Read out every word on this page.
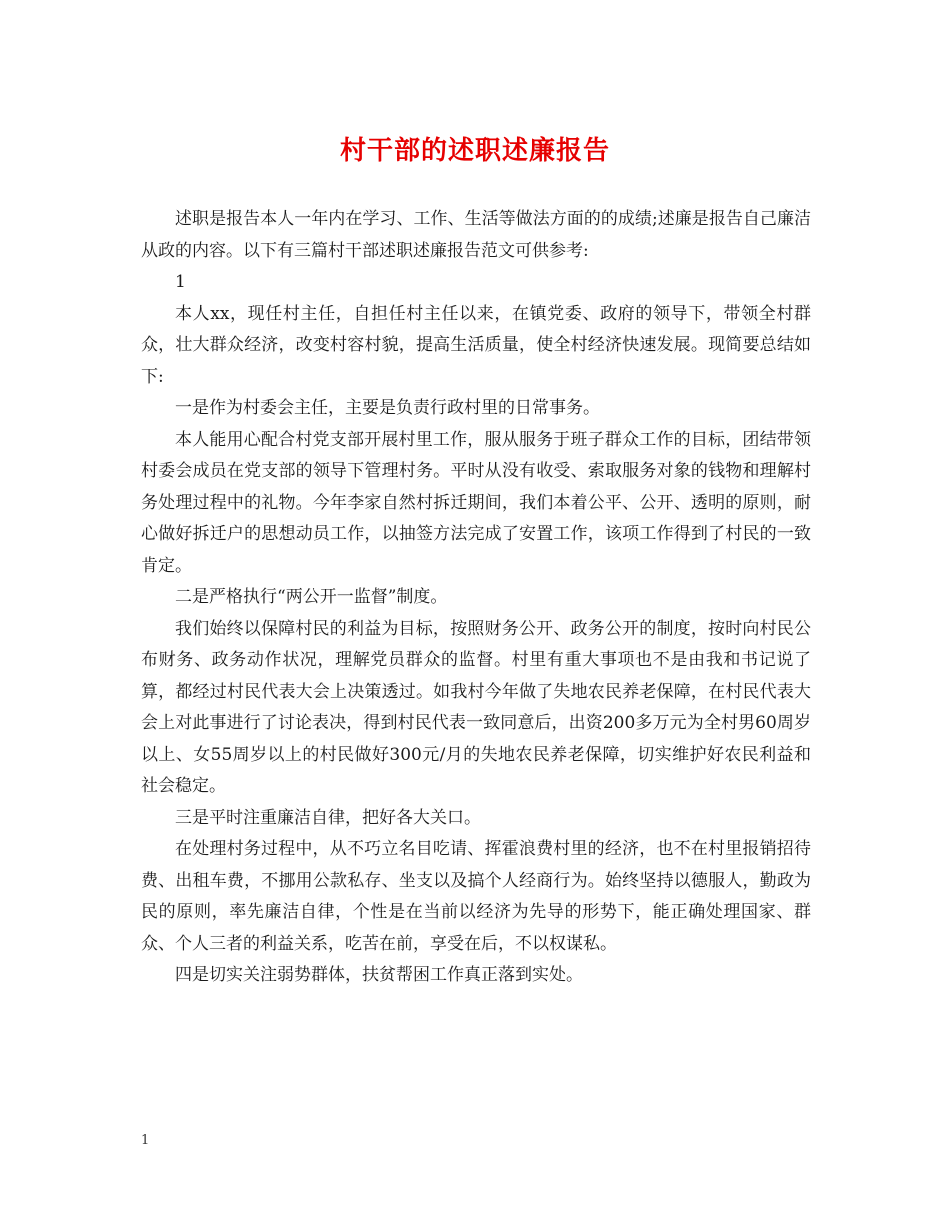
村干部的述职述廉报告

述职是报告本人一年内在学习、工作、生活等做法方面的的成绩;述廉是报告自己廉洁从政的内容。以下有三篇村干部述职述廉报告范文可供参考:

1

本人xx，现任村主任，自担任村主任以来，在镇党委、政府的领导下，带领全村群众，壮大群众经济，改变村容村貌，提高生活质量，使全村经济快速发展。现简要总结如下:

一是作为村委会主任，主要是负责行政村里的日常事务。

本人能用心配合村党支部开展村里工作，服从服务于班子群众工作的目标，团结带领村委会成员在党支部的领导下管理村务。平时从没有收受、索取服务对象的钱物和理解村务处理过程中的礼物。今年李家自然村拆迁期间，我们本着公平、公开、透明的原则，耐心做好拆迁户的思想动员工作，以抽签方法完成了安置工作，该项工作得到了村民的一致肯定。

二是严格执行“两公开一监督”制度。

我们始终以保障村民的利益为目标，按照财务公开、政务公开的制度，按时向村民公布财务、政务动作状况，理解党员群众的监督。村里有重大事项也不是由我和书记说了算，都经过村民代表大会上决策透过。如我村今年做了失地农民养老保障，在村民代表大会上对此事进行了讨论表决，得到村民代表一致同意后，出资200多万元为全村男60周岁以上、女55周岁以上的村民做好300元/月的失地农民养老保障，切实维护好农民利益和社会稳定。

三是平时注重廉洁自律，把好各大关口。

在处理村务过程中，从不巧立名目吃请、挥霍浪费村里的经济，也不在村里报销招待费、出租车费，不挪用公款私存、坐支以及搞个人经商行为。始终坚持以德服人，勤政为民的原则，率先廉洁自律，个性是在当前以经济为先导的形势下，能正确处理国家、群众、个人三者的利益关系，吃苦在前，享受在后，不以权谋私。

四是切实关注弱势群体，扶贫帮困工作真正落到实处。

1
